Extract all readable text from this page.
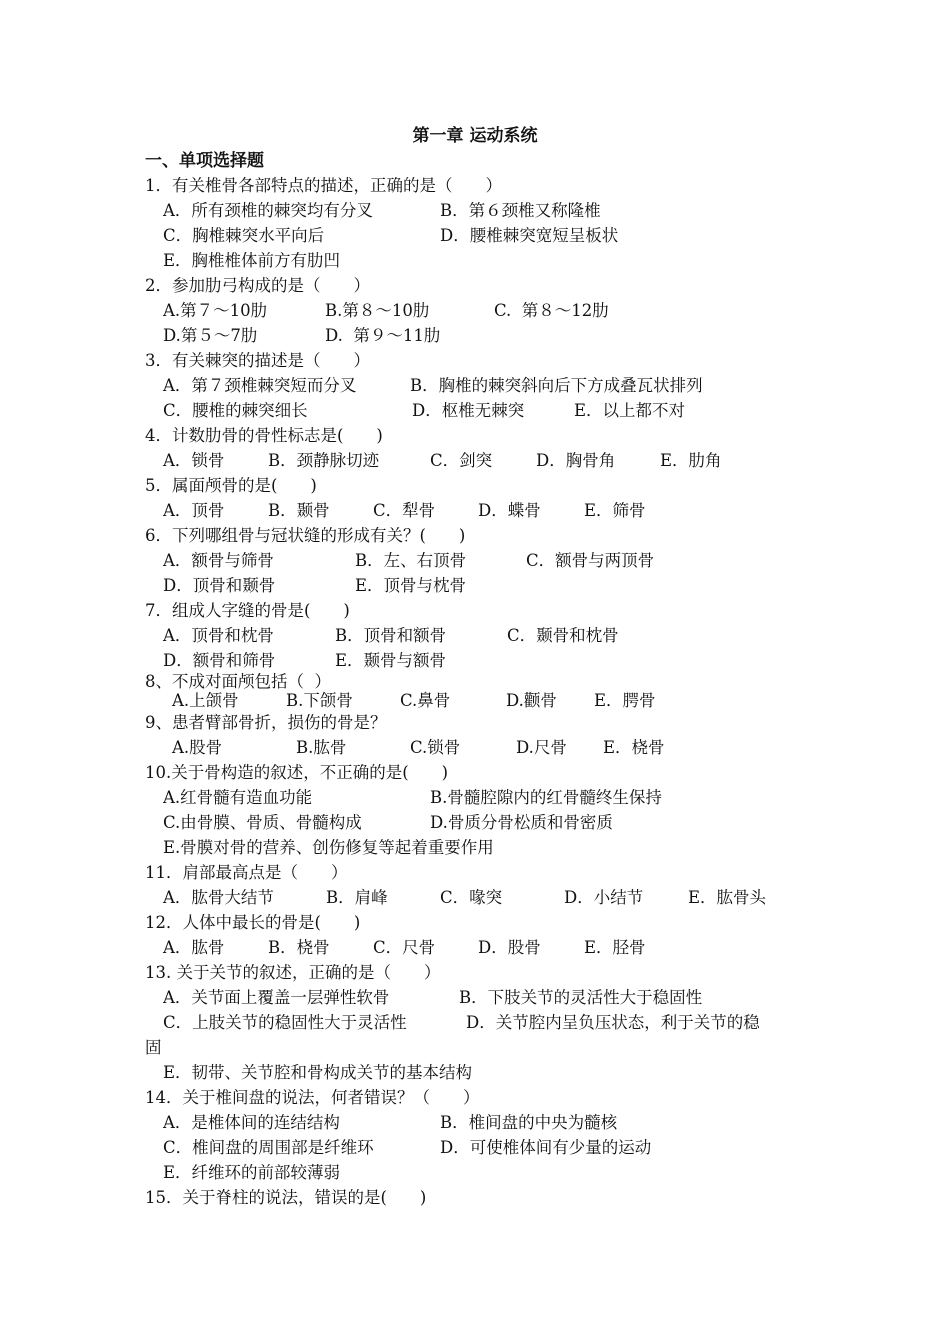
第一章 运动系统
一、单项选择题
1．有关椎骨各部特点的描述，正确的是（　　）
A．所有颈椎的棘突均有分叉	B．第６颈椎又称隆椎
C．胸椎棘突水平向后	D．腰椎棘突宽短呈板状
E．胸椎椎体前方有肋凹
2．参加肋弓构成的是（　　）
A.第７～10肋	B.第８～10肋	C.  第８～12肋
D.第５～7肋	D.  第９～11肋
3．有关棘突的描述是（　　）
A．第７颈椎棘突短而分叉	B．胸椎的棘突斜向后下方成叠瓦状排列
C．腰椎的棘突细长	D．枢椎无棘突	E．以上都不对
4．计数肋骨的骨性标志是(　　)
A．锁骨	B．颈静脉切迹	C．剑突	D．胸骨角	E．肋角
5．属面颅骨的是(　　)
A．顶骨	B．颞骨	C．犁骨	D．蝶骨	E．筛骨
6．下列哪组骨与冠状缝的形成有关？(　　)
A．额骨与筛骨	B．左、右顶骨	C．额骨与两顶骨
D．顶骨和颞骨	E．顶骨与枕骨
7．组成人字缝的骨是(　　)
A．顶骨和枕骨	B．顶骨和额骨	C．颞骨和枕骨
D．额骨和筛骨	E．颞骨与额骨
8、不成对面颅包括（  ）
A.上颌骨	B.下颌骨	C.鼻骨	D.颧骨 E．腭骨
9、患者臂部骨折，损伤的骨是？
A.股骨	B.肱骨	C.锁骨	D.尺骨 E．桡骨
10.关于骨构造的叙述，不正确的是(　　)
A.红骨髓有造血功能	B.骨髓腔隙内的红骨髓终生保持
C.由骨膜、骨质、骨髓构成	D.骨质分骨松质和骨密质
E.骨膜对骨的营养、创伤修复等起着重要作用
11．肩部最高点是（　　）
A．肱骨大结节	B．肩峰	C．喙突	D．小结节	E．肱骨头
12．人体中最长的骨是(　　)
A．肱骨	B．桡骨	C．尺骨	D．股骨	E．胫骨
13. 关于关节的叙述，正确的是（　　）
A．关节面上覆盖一层弹性软骨	B．下肢关节的灵活性大于稳固性
C．上肢关节的稳固性大于灵活性	D．关节腔内呈负压状态，利于关节的稳
固
E．韧带、关节腔和骨构成关节的基本结构
14．关于椎间盘的说法，何者错误？（　　）
A．是椎体间的连结结构	B．椎间盘的中央为髓核
C．椎间盘的周围部是纤维环	D．可使椎体间有少量的运动
E．纤维环的前部较薄弱
15．关于脊柱的说法，错误的是(　　)
